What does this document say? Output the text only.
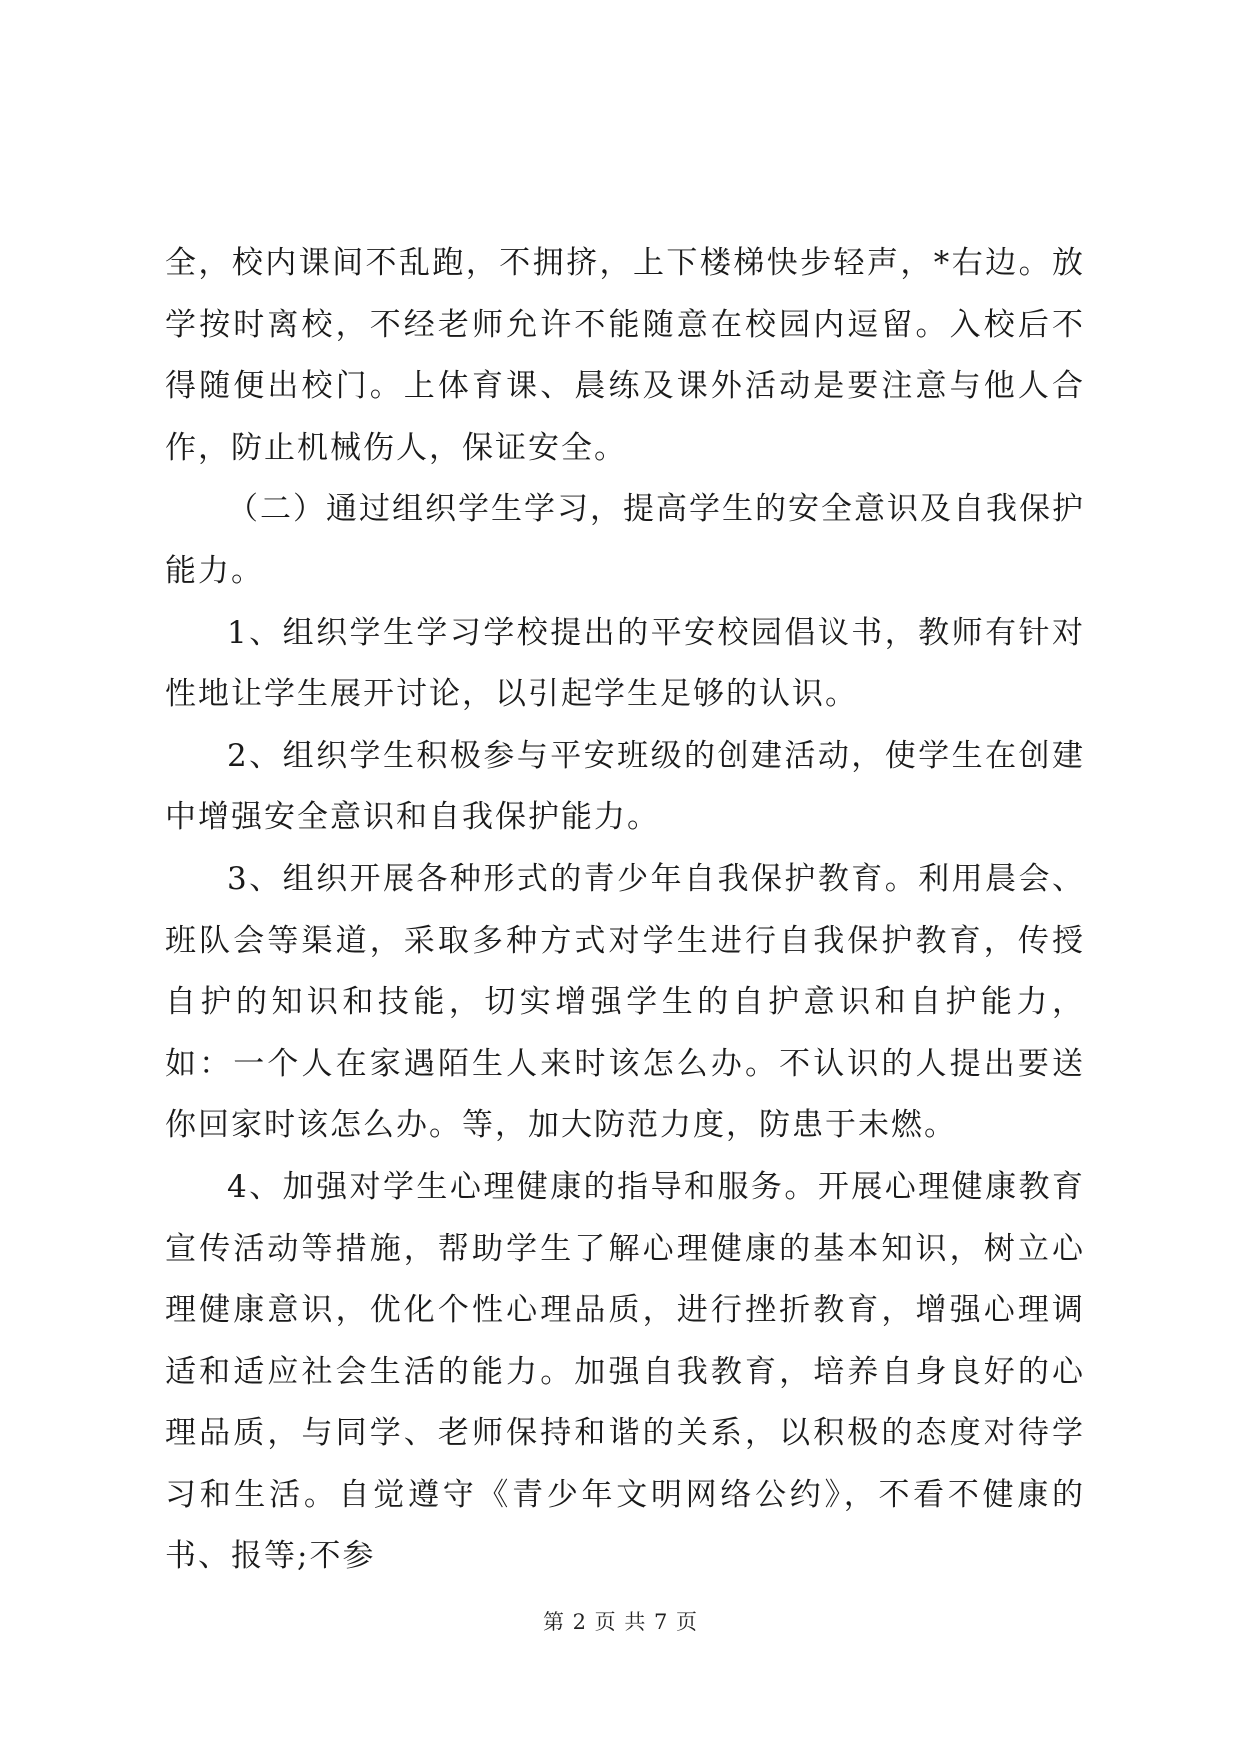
全，校内课间不乱跑，不拥挤，上下楼梯快步轻声，*右边。放学按时离校，不经老师允许不能随意在校园内逗留。入校后不得随便出校门。上体育课、晨练及课外活动是要注意与他人合作，防止机械伤人，保证安全。

（二）通过组织学生学习，提高学生的安全意识及自我保护能力。

1、组织学生学习学校提出的平安校园倡议书，教师有针对性地让学生展开讨论，以引起学生足够的认识。

2、组织学生积极参与平安班级的创建活动，使学生在创建中增强安全意识和自我保护能力。

3、组织开展各种形式的青少年自我保护教育。利用晨会、班队会等渠道，采取多种方式对学生进行自我保护教育，传授自护的知识和技能，切实增强学生的自护意识和自护能力，如：一个人在家遇陌生人来时该怎么办。不认识的人提出要送你回家时该怎么办。等，加大防范力度，防患于未燃。

4、加强对学生心理健康的指导和服务。开展心理健康教育宣传活动等措施，帮助学生了解心理健康的基本知识，树立心理健康意识，优化个性心理品质，进行挫折教育，增强心理调适和适应社会生活的能力。加强自我教育，培养自身良好的心理品质，与同学、老师保持和谐的关系，以积极的态度对待学习和生活。自觉遵守《青少年文明网络公约》，不看不健康的书、报等;不参

第 2 页 共 7 页
